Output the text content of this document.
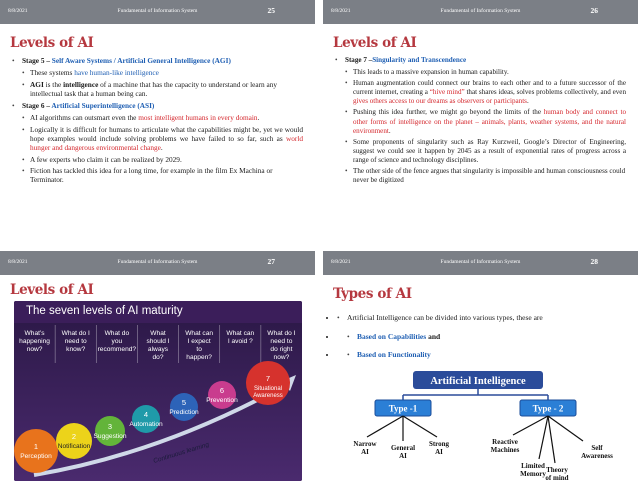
8/8/2021	Fundamental of Information System	25
Levels of AI
• Stage 5 – Self Aware Systems / Artificial General Intelligence (AGI)
• These systems have human-like intelligence
• AGI is the intelligence of a machine that has the capacity to understand or learn any intellectual task that a human being can.
• Stage 6 – Artificial Superintelligence (ASI)
• AI algorithms can outsmart even the most intelligent humans in every domain.
• Logically it is difficult for humans to articulate what the capabilities might be, yet we would hope examples would include solving problems we have failed to so far, such as world hunger and dangerous environmental change.
• A few experts who claim it can be realized by 2029.
• Fiction has tackled this idea for a long time, for example in the film Ex Machina or Terminator.
8/8/2021	Fundamental of Information System	26
Levels of AI
• Stage 7 –Singularity and Transcendence
• This leads to a massive expansion in human capability.
• Human augmentation could connect our brains to each other and to a future successor of the current internet, creating a “hive mind” that shares ideas, solves problems collectively, and even gives others access to our dreams as observers or participants.
• Pushing this idea further, we might go beyond the limits of the human body and connect to other forms of intelligence on the planet – animals, plants, weather systems, and the natural environment.
• Some proponents of singularity such as Ray Kurzweil, Google’s Director of Engineering, suggest we could see it happen by 2045 as a result of exponential rates of progress across a range of science and technology disciplines.
• The other side of the fence argues that singularity is impossible and human consciousness could never be digitized
8/8/2021	Fundamental of Information System	27
Levels of AI
The seven levels of AI maturity
What’s happening now?
What do I need to know?
What do you recommend?
What should I always do?
What can I expect to happen?
What can I avoid ?
What do I need to do right now?
Continuous learning
1
Perception
2
Notification
3
Suggestion
4
Automation
5
Prediction
6
Prevention
7
Situational Awareness
8/8/2021	Fundamental of Information System	28
Types of AI
• • Artificial Intelligence can be divided into various types, these are
• • Based on Capabilities and
• • Based on Functionality
Artificial Intelligence
Type -1	Type - 2
Narrow AI	General AI
Strong AI
Reactive Machines
Limited Memory Theory of mind
Self Awareness
